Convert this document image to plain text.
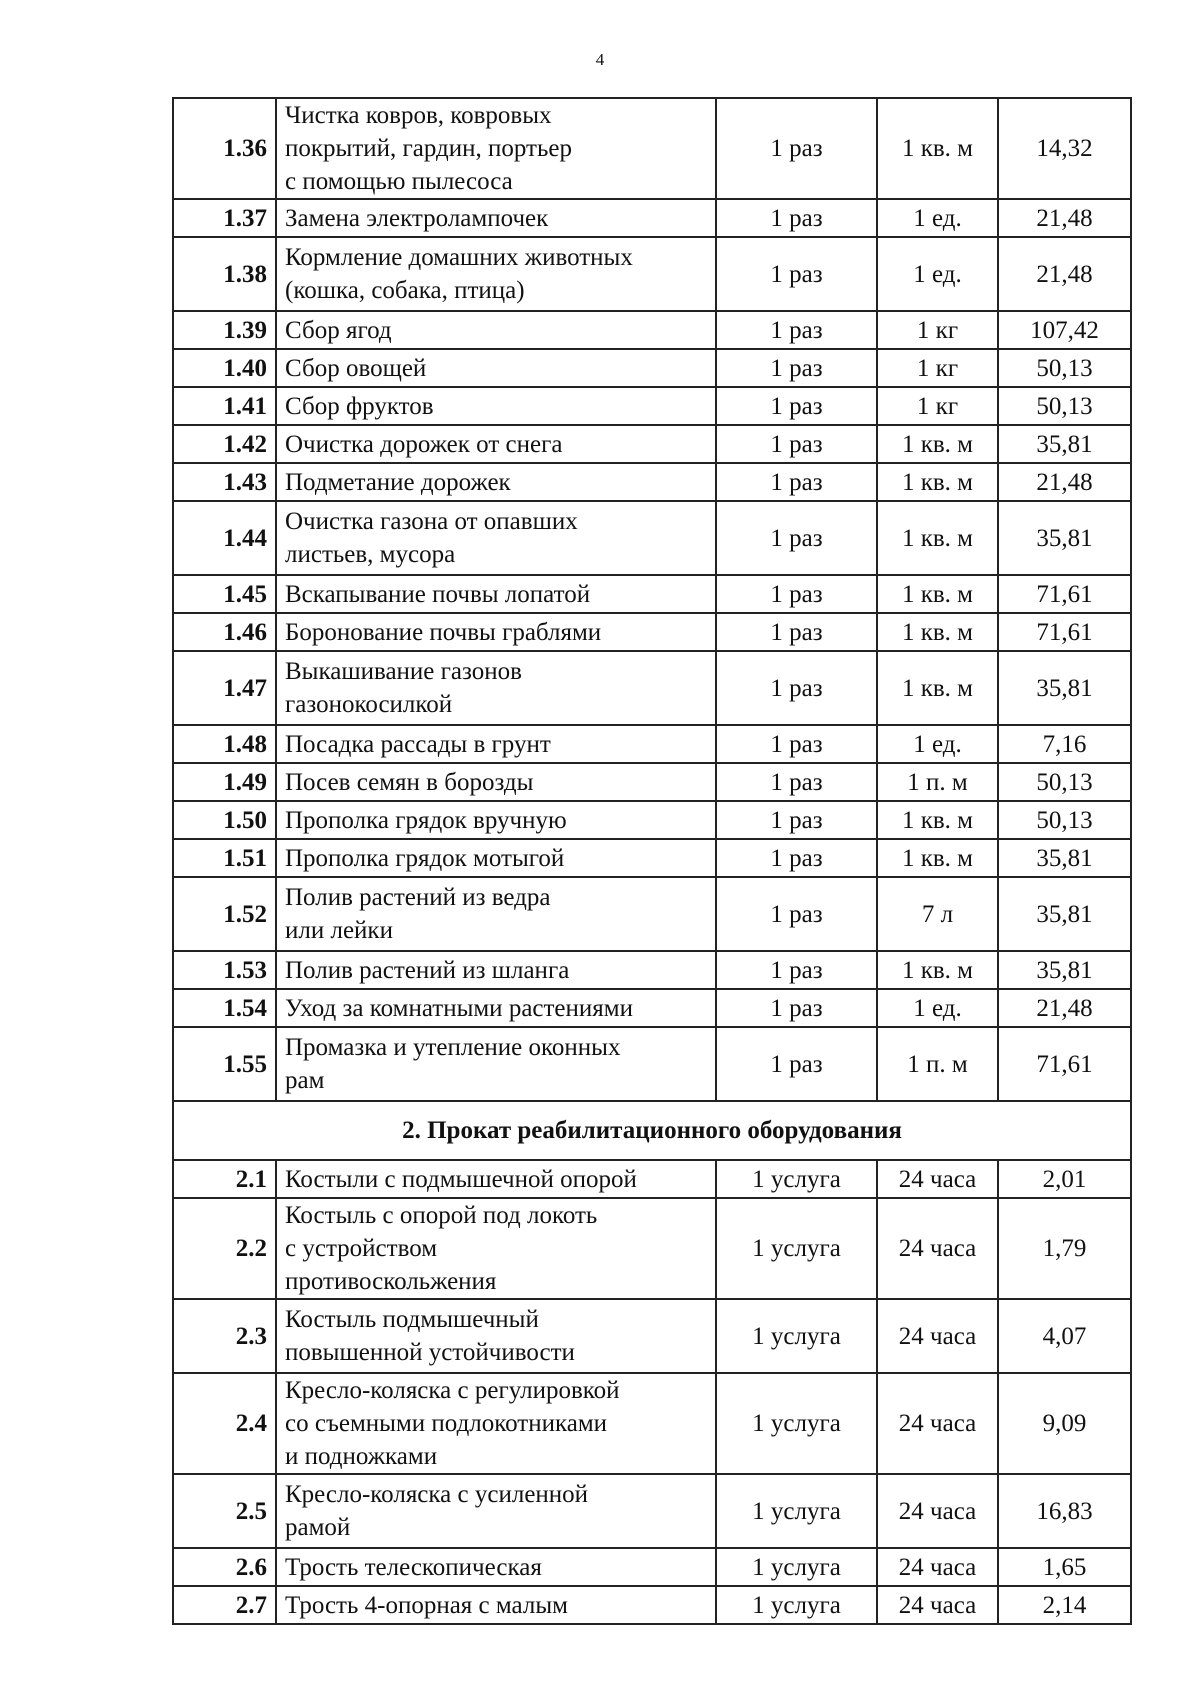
4
1.36	Чистка ковров, ковровых
покрытий, гардин, портьер
с помощью пылесоса	1 раз	1 кв. м	14,32
1.37	Замена электролампочек	1 раз	1 ед.	21,48
1.38	Кормление домашних животных
(кошка, собака, птица)	1 раз	1 ед.	21,48
1.39	Сбор ягод	1 раз	1 кг	107,42
1.40	Сбор овощей	1 раз	1 кг	50,13
1.41	Сбор фруктов	1 раз	1 кг	50,13
1.42	Очистка дорожек от снега	1 раз	1 кв. м	35,81
1.43	Подметание дорожек	1 раз	1 кв. м	21,48
1.44	Очистка газона от опавших
листьев, мусора	1 раз	1 кв. м	35,81
1.45	Вскапывание почвы лопатой	1 раз	1 кв. м	71,61
1.46	Боронование почвы граблями	1 раз	1 кв. м	71,61
1.47	Выкашивание газонов
газонокосилкой	1 раз	1 кв. м	35,81
1.48	Посадка рассады в грунт	1 раз	1 ед.	7,16
1.49	Посев семян в борозды	1 раз	1 п. м	50,13
1.50	Прополка грядок вручную	1 раз	1 кв. м	50,13
1.51	Прополка грядок мотыгой	1 раз	1 кв. м	35,81
1.52	Полив растений из ведра
или лейки	1 раз	7 л	35,81
1.53	Полив растений из шланга	1 раз	1 кв. м	35,81
1.54	Уход за комнатными растениями	1 раз	1 ед.	21,48
1.55	Промазка и утепление оконных
рам	1 раз	1 п. м	71,61
2. Прокат реабилитационного оборудования				
2.1	Костыли с подмышечной опорой	1 услуга	24 часа	2,01
2.2	Костыль с опорой под локоть
с устройством
противоскольжения	1 услуга	24 часа	1,79
2.3	Костыль подмышечный
повышенной устойчивости	1 услуга	24 часа	4,07
2.4	Кресло-коляска с регулировкой
со съемными подлокотниками
и подножками	1 услуга	24 часа	9,09
2.5	Кресло-коляска с усиленной
рамой	1 услуга	24 часа	16,83
2.6	Трость телескопическая	1 услуга	24 часа	1,65
2.7	Трость 4-опорная с малым	1 услуга	24 часа	2,14
